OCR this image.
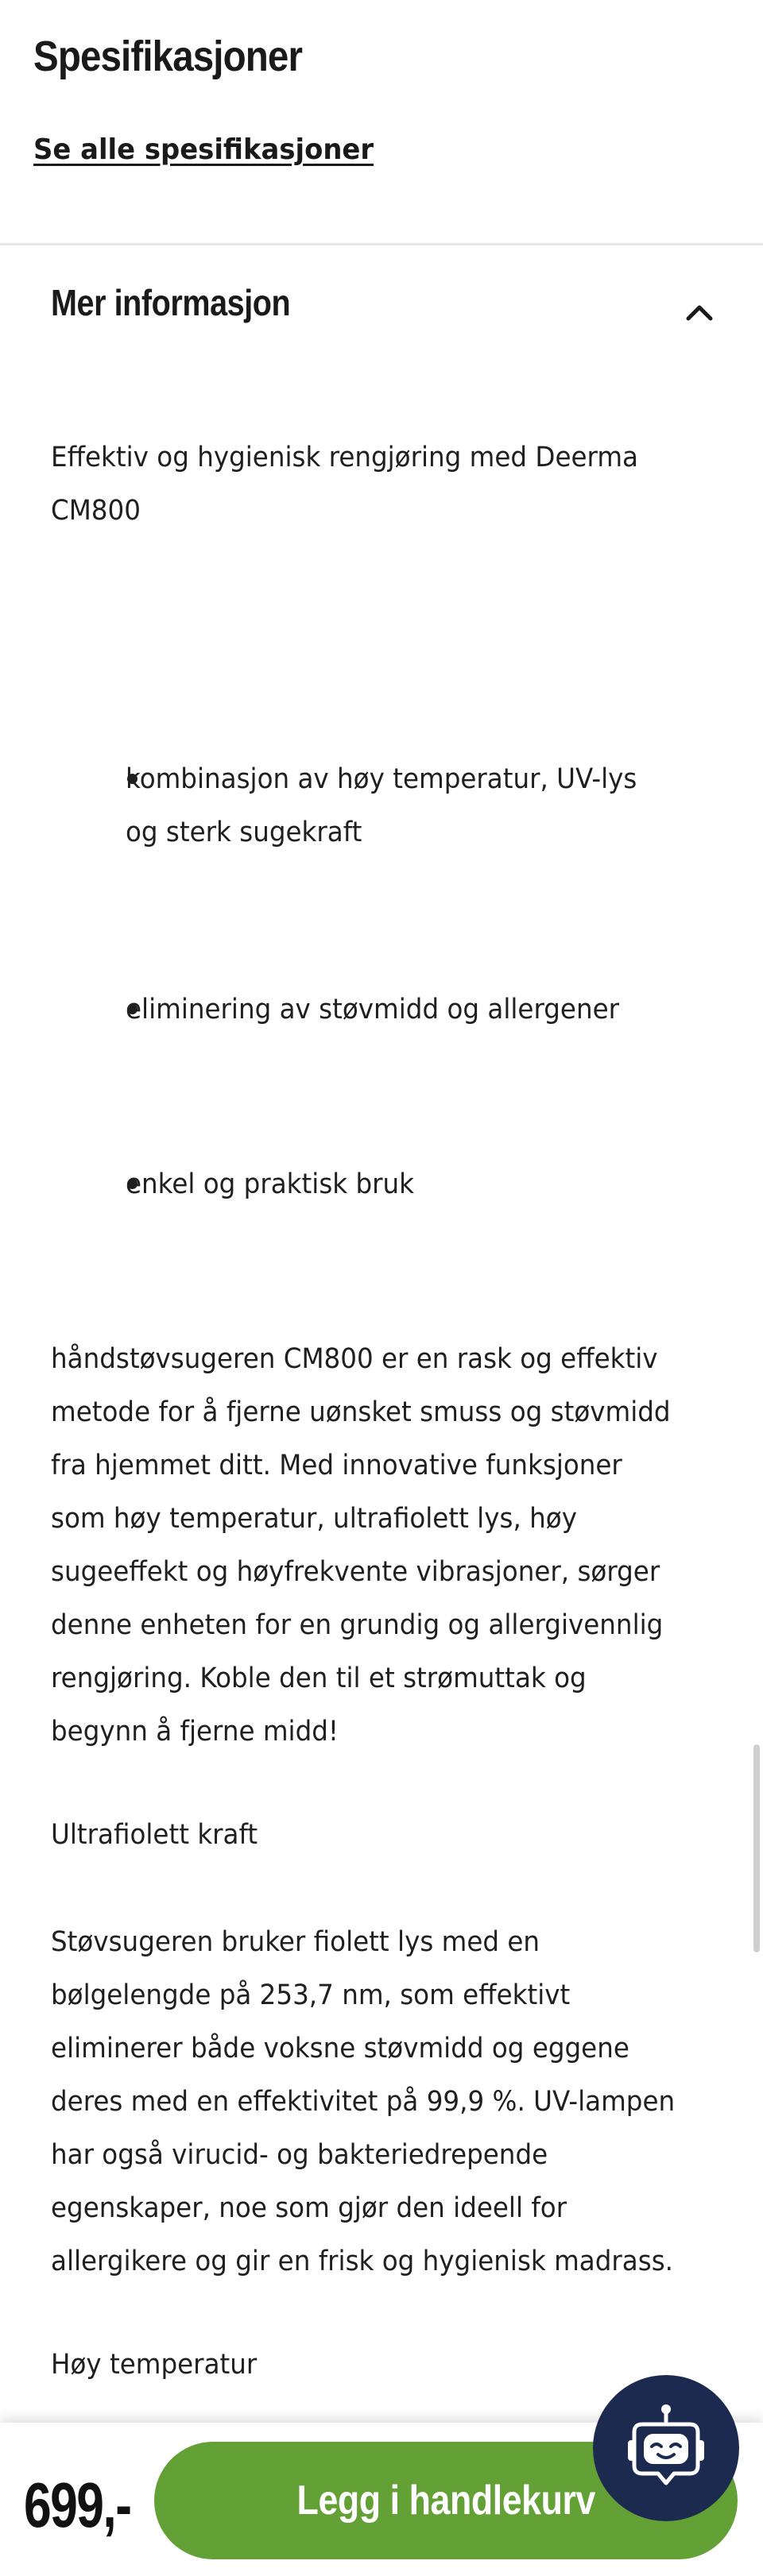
Spesifikasjoner
Se alle spesifikasjoner
Mer informasjon
Effektiv og hygienisk rengjøring med Deerma
CM800
kombinasjon av høy temperatur, UV-lys
og sterk sugekraft
eliminering av støvmidd og allergener
enkel og praktisk bruk
håndstøvsugeren CM800 er en rask og effektiv
metode for å fjerne uønsket smuss og støvmidd
fra hjemmet ditt. Med innovative funksjoner
som høy temperatur, ultrafiolett lys, høy
sugeeffekt og høyfrekvente vibrasjoner, sørger
denne enheten for en grundig og allergivennlig
rengjøring. Koble den til et strømuttak og
begynn å fjerne midd!
Ultrafiolett kraft
Støvsugeren bruker fiolett lys med en
bølgelengde på 253,7 nm, som effektivt
eliminerer både voksne støvmidd og eggene
deres med en effektivitet på 99,9 %. UV-lampen
har også virucid- og bakteriedrepende
egenskaper, noe som gjør den ideell for
allergikere og gir en frisk og hygienisk madrass.
Høy temperatur
699,-	Legg i handlekurv
